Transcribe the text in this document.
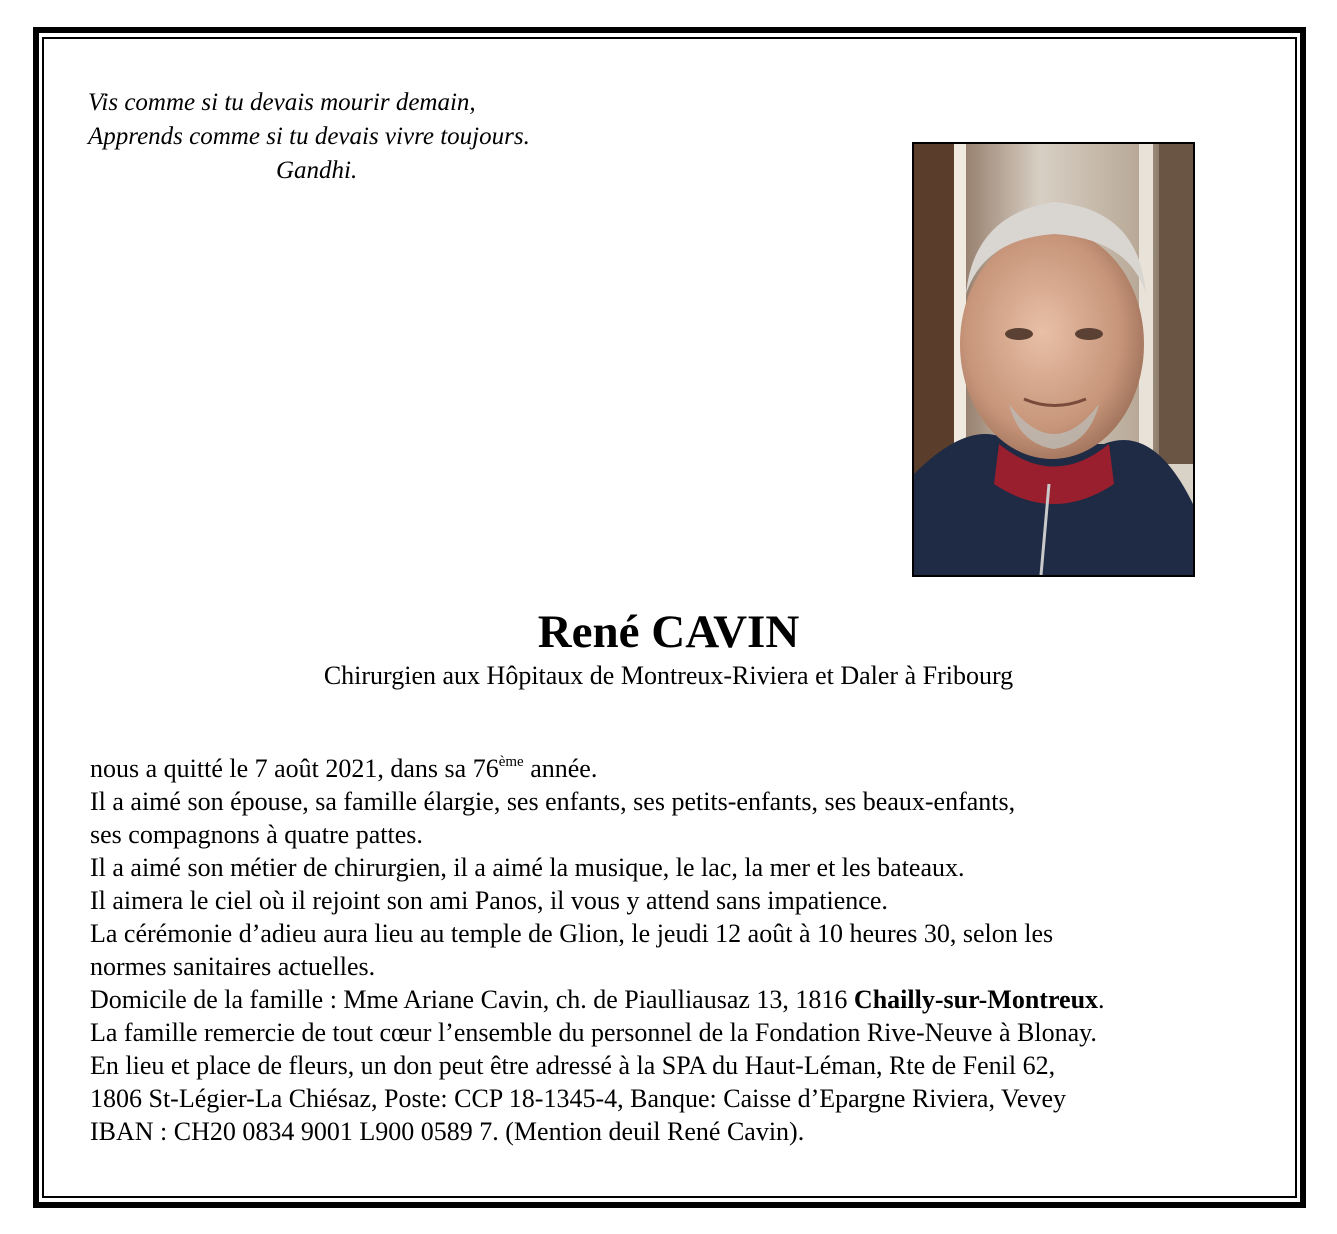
Vis comme si tu devais mourir demain,
Apprends comme si tu devais vivre toujours.
Gandhi.
René CAVIN
Chirurgien aux Hôpitaux de Montreux-Riviera et Daler à Fribourg

nous a quitté le 7 août 2021, dans sa 76ème année.

Il a aimé son épouse, sa famille élargie, ses enfants, ses petits-enfants, ses beaux-enfants,

ses compagnons à quatre pattes.

Il a aimé son métier de chirurgien, il a aimé la musique, le lac, la mer et les bateaux.

Il aimera le ciel où il rejoint son ami Panos, il vous y attend sans impatience.

La cérémonie d’adieu aura lieu au temple de Glion, le jeudi 12 août à 10 heures 30, selon les

normes sanitaires actuelles.

Domicile de la famille : Mme Ariane Cavin, ch. de Piaulliausaz 13, 1816 Chailly-sur-Montreux.

La famille remercie de tout cœur l’ensemble du personnel de la Fondation Rive-Neuve à Blonay.

En lieu et place de fleurs, un don peut être adressé à la SPA du Haut-Léman, Rte de Fenil 62,

1806 St-Légier-La Chiésaz, Poste: CCP 18-1345-4, Banque: Caisse d’Epargne Riviera, Vevey

IBAN : CH20 0834 9001 L900 0589 7. (Mention deuil René Cavin).
